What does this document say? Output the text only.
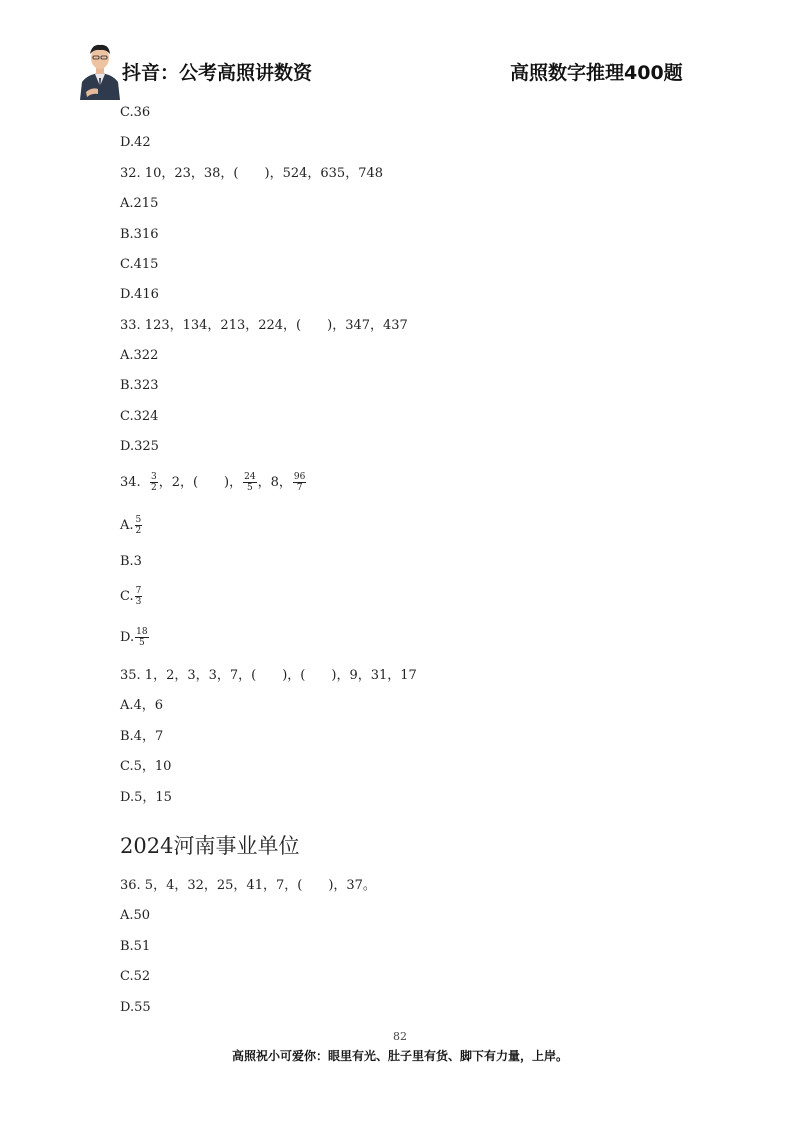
抖音：公考高照讲数资	高照数字推理400题
C.36
D.42
32. 10，23，38，(　　)，524，635，748
A.215
B.316
C.415
D.416
33. 123，134，213，224，(　　)，347，437
A.322
B.323
C.324
D.325
34. $\frac{3}{2}$ ，2，(　　)， $\frac{24}{5}$ ，8， $\frac{96}{7}$
A. $\frac{5}{2}$
B.3
C. $\frac{7}{3}$
D. $\frac{18}{5}$
35. 1，2，3，3，7，(　　)，(　　)，9，31，17
A.4，6
B.4，7
C.5，10
D.5，15
2024河南事业单位
36. 5，4，32，25，41，7，(　　)，37。
A.50
B.51
C.52
D.55
82
高照祝小可爱你：眼里有光、肚子里有货、脚下有力量，上岸。
